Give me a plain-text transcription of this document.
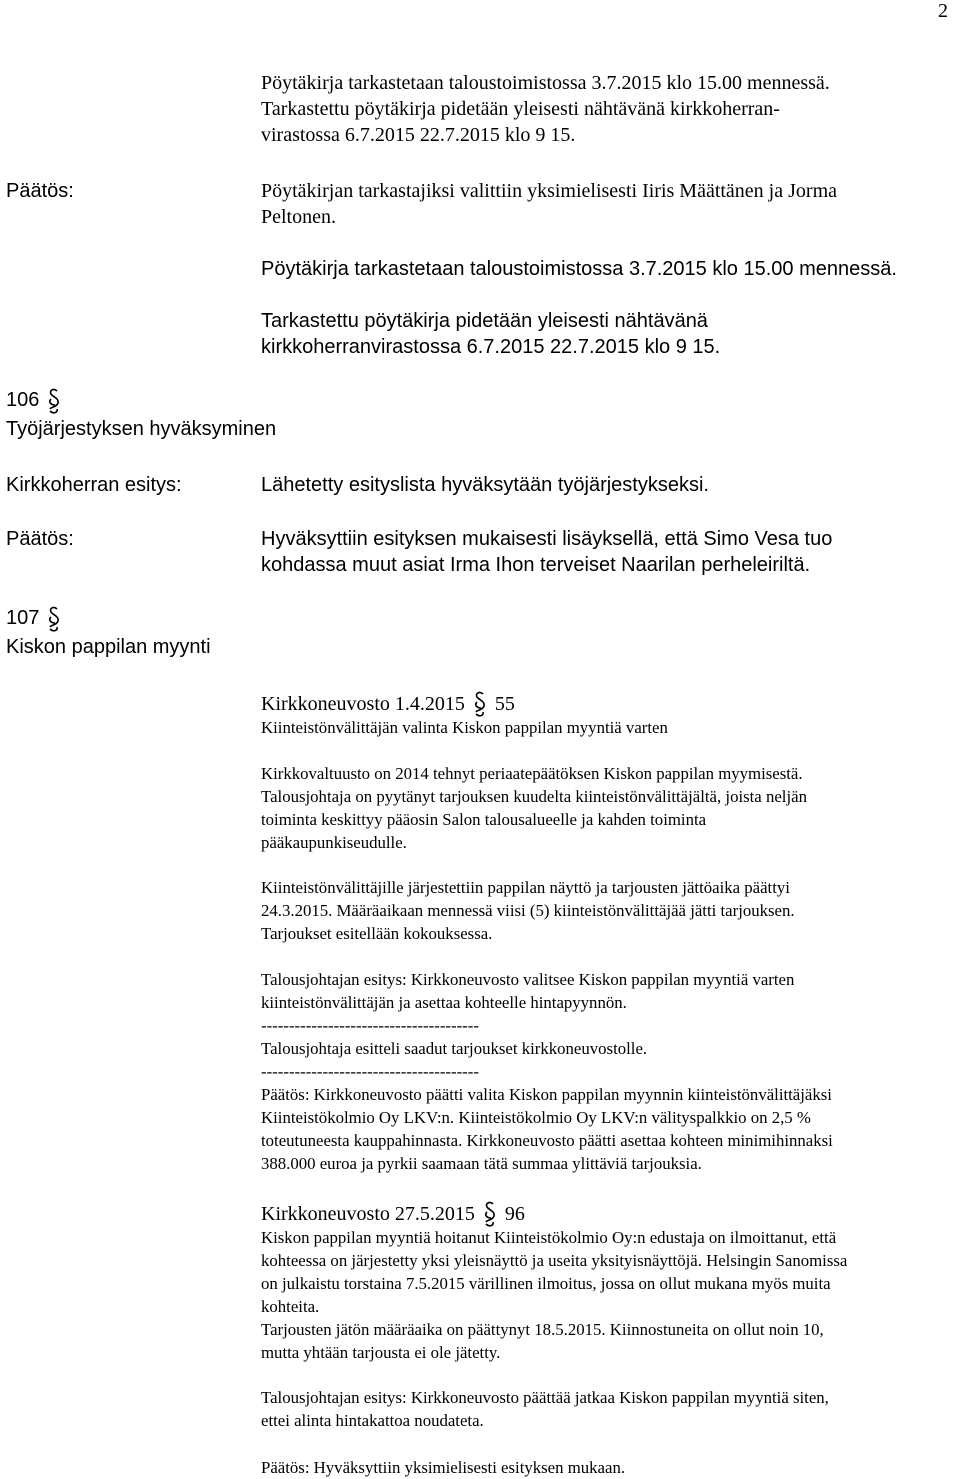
2
Pöytäkirja tarkastetaan taloustoimistossa 3.7.2015 klo 15.00 mennessä.
Tarkastettu pöytäkirja pidetään yleisesti nähtävänä kirkkoherran-
virastossa 6.7.2015 22.7.2015 klo 9 15.
Päätös:	Pöytäkirjan tarkastajiksi valittiin yksimielisesti Iiris Määttänen ja Jorma
Peltonen.
Pöytäkirja tarkastetaan taloustoimistossa 3.7.2015 klo 15.00 mennessä.
Tarkastettu pöytäkirja pidetään yleisesti nähtävänä
kirkkoherranvirastossa 6.7.2015 22.7.2015 klo 9 15.
106
Työjärjestyksen hyväksyminen
Kirkkoherran esitys:	Lähetetty esityslista hyväksytään työjärjestykseksi.
Päätös:	Hyväksyttiin esityksen mukaisesti lisäyksellä, että Simo Vesa tuo
kohdassa muut asiat Irma Ihon terveiset Naarilan perheleiriltä.
107
Kiskon pappilan myynti
Kirkkoneuvosto 1.4.2015 55
Kiinteistönvälittäjän valinta Kiskon pappilan myyntiä varten
Kirkkovaltuusto on 2014 tehnyt periaatepäätöksen Kiskon pappilan myymisestä.
Talousjohtaja on pyytänyt tarjouksen kuudelta kiinteistönvälittäjältä, joista neljän
toiminta keskittyy pääosin Salon talousalueelle ja kahden toiminta
pääkaupunkiseudulle.
Kiinteistönvälittäjille järjestettiin pappilan näyttö ja tarjousten jättöaika päättyi
24.3.2015. Määräaikaan mennessä viisi (5) kiinteistönvälittäjää jätti tarjouksen.
Tarjoukset esitellään kokouksessa.
Talousjohtajan esitys: Kirkkoneuvosto valitsee Kiskon pappilan myyntiä varten
kiinteistönvälittäjän ja asettaa kohteelle hintapyynnön.
---------------------------------------
Talousjohtaja esitteli saadut tarjoukset kirkkoneuvostolle.
---------------------------------------
Päätös: Kirkkoneuvosto päätti valita Kiskon pappilan myynnin kiinteistönvälittäjäksi
Kiinteistökolmio Oy LKV:n. Kiinteistökolmio Oy LKV:n välityspalkkio on 2,5 %
toteutuneesta kauppahinnasta. Kirkkoneuvosto päätti asettaa kohteen minimihinnaksi
388.000 euroa ja pyrkii saamaan tätä summaa ylittäviä tarjouksia.
Kirkkoneuvosto 27.5.2015 96
Kiskon pappilan myyntiä hoitanut Kiinteistökolmio Oy:n edustaja on ilmoittanut, että
kohteessa on järjestetty yksi yleisnäyttö ja useita yksityisnäyttöjä. Helsingin Sanomissa
on julkaistu torstaina 7.5.2015 värillinen ilmoitus, jossa on ollut mukana myös muita
kohteita.
Tarjousten jätön määräaika on päättynyt 18.5.2015. Kiinnostuneita on ollut noin 10,
mutta yhtään tarjousta ei ole jätetty.
Talousjohtajan esitys: Kirkkoneuvosto päättää jatkaa Kiskon pappilan myyntiä siten,
ettei alinta hintakattoa noudateta.
Päätös: Hyväksyttiin yksimielisesti esityksen mukaan.
